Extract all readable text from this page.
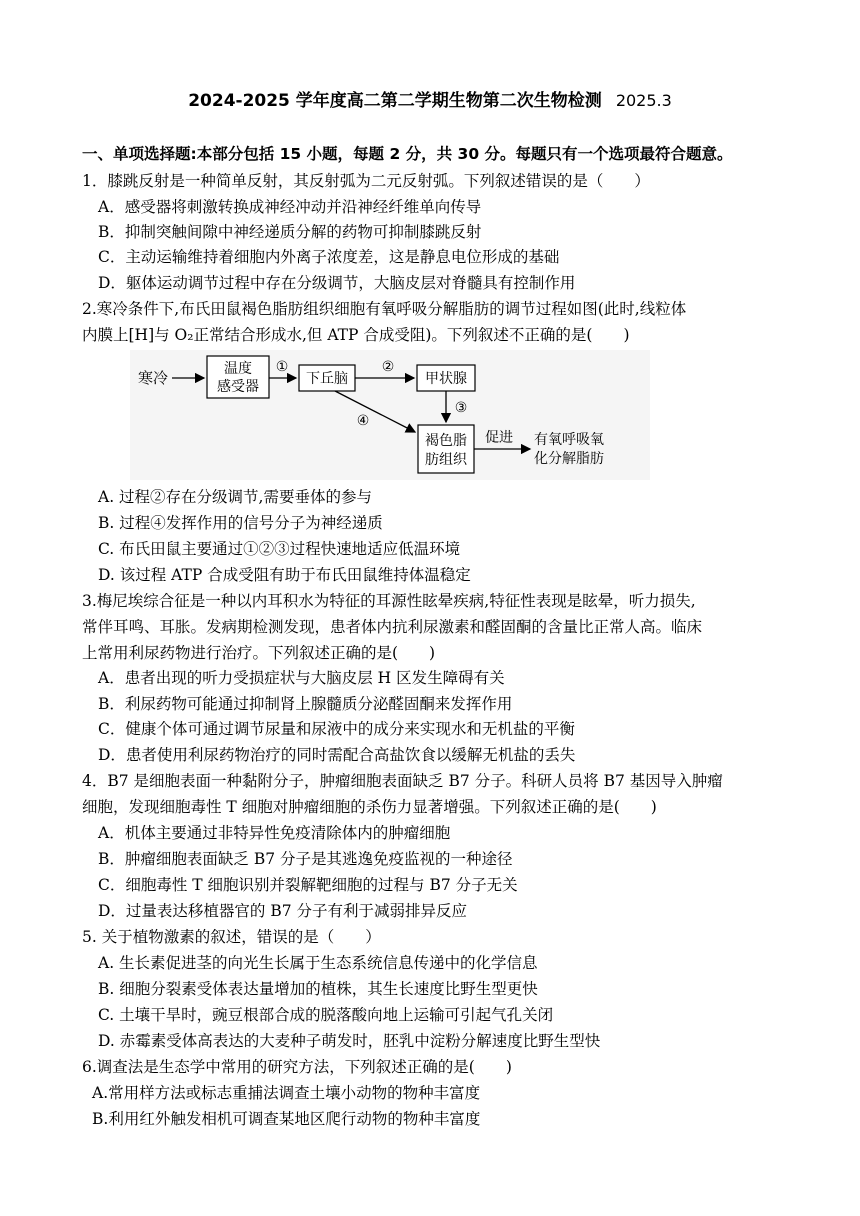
2024-2025 学年度高二第二学期生物第二次生物检测 2025.3
一、单项选择题:本部分包括 15 小题，每题 2 分，共 30 分。每题只有一个选项最符合题意。
1．膝跳反射是一种简单反射，其反射弧为二元反射弧。下列叙述错误的是（　　）
A．感受器将刺激转换成神经冲动并沿神经纤维单向传导
B．抑制突触间隙中神经递质分解的药物可抑制膝跳反射
C．主动运输维持着细胞内外离子浓度差，这是静息电位形成的基础
D．躯体运动调节过程中存在分级调节，大脑皮层对脊髓具有控制作用
2.寒冷条件下,布氏田鼠褐色脂肪组织细胞有氧呼吸分解脂肪的调节过程如图(此时,线粒体
内膜上[H]与 O₂正常结合形成水,但 ATP 合成受阻)。下列叙述不正确的是(　　)
寒冷	温度
感受器
①
下丘脑
②
甲状腺
③
④
褐色脂
肪组织
促进 有氧呼吸氧
化分解脂肪
A. 过程②存在分级调节,需要垂体的参与
B. 过程④发挥作用的信号分子为神经递质
C. 布氏田鼠主要通过①②③过程快速地适应低温环境
D. 该过程 ATP 合成受阻有助于布氏田鼠维持体温稳定
3.梅尼埃综合征是一种以内耳积水为特征的耳源性眩晕疾病,特征性表现是眩晕，听力损失,
常伴耳鸣、耳胀。发病期检测发现，患者体内抗利尿激素和醛固酮的含量比正常人高。临床
上常用利尿药物进行治疗。下列叙述正确的是(　　)
A．患者出现的听力受损症状与大脑皮层 H 区发生障碍有关
B．利尿药物可能通过抑制肾上腺髓质分泌醛固酮来发挥作用
C．健康个体可通过调节尿量和尿液中的成分来实现水和无机盐的平衡
D．患者使用利尿药物治疗的同时需配合高盐饮食以缓解无机盐的丢失
4．B7 是细胞表面一种黏附分子，肿瘤细胞表面缺乏 B7 分子。科研人员将 B7 基因导入肿瘤
细胞，发现细胞毒性 T 细胞对肿瘤细胞的杀伤力显著增强。下列叙述正确的是(　　)
A．机体主要通过非特异性免疫清除体内的肿瘤细胞
B．肿瘤细胞表面缺乏 B7 分子是其逃逸免疫监视的一种途径
C．细胞毒性 T 细胞识别并裂解靶细胞的过程与 B7 分子无关
D．过量表达移植器官的 B7 分子有利于减弱排异反应
5. 关于植物激素的叙述，错误的是（　　）
A. 生长素促进茎的向光生长属于生态系统信息传递中的化学信息
B. 细胞分裂素受体表达量增加的植株，其生长速度比野生型更快
C. 土壤干旱时，豌豆根部合成的脱落酸向地上运输可引起气孔关闭
D. 赤霉素受体高表达的大麦种子萌发时，胚乳中淀粉分解速度比野生型快
6.调查法是生态学中常用的研究方法，下列叙述正确的是(　　)
A.常用样方法或标志重捕法调查土壤小动物的物种丰富度
B.利用红外触发相机可调查某地区爬行动物的物种丰富度
